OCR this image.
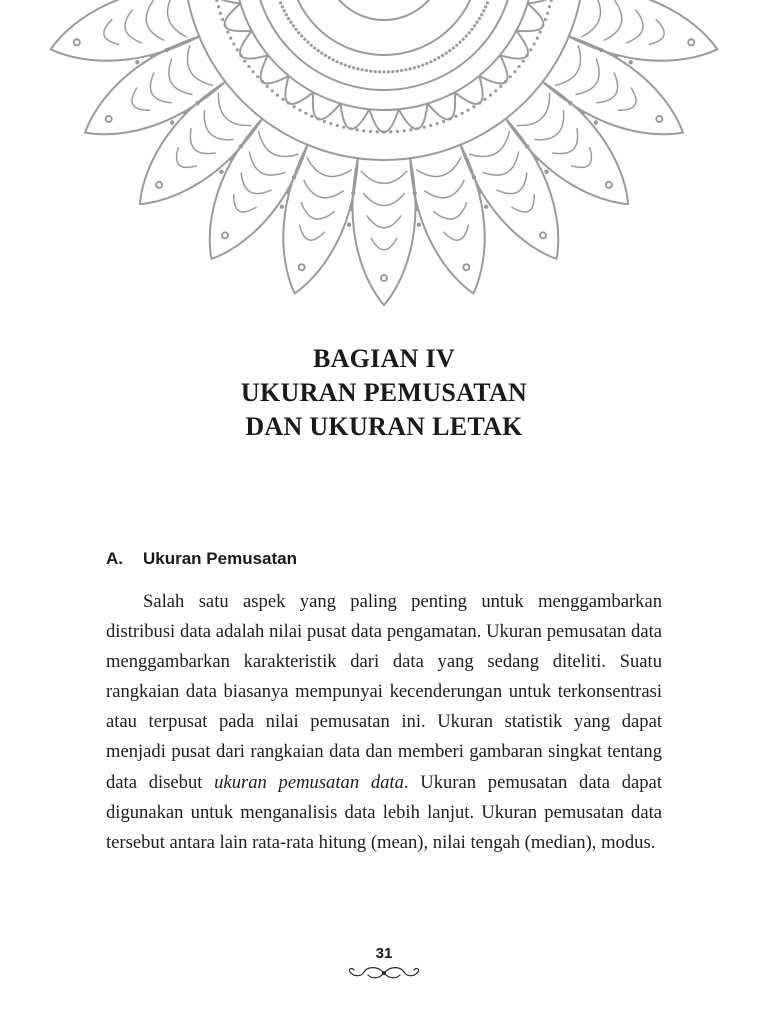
BAGIAN IV
UKURAN PEMUSATAN
DAN UKURAN LETAK
A. Ukuran Pemusatan

Salah satu aspek yang paling penting untuk menggambarkan distribusi data adalah nilai pusat data pengamatan. Ukuran pemusatan data menggambarkan karakteristik dari data yang sedang diteliti. Suatu rangkaian data biasanya mempunyai kecenderungan untuk terkonsentrasi atau terpusat pada nilai pemusatan ini. Ukuran statistik yang dapat menjadi pusat dari rangkaian data dan memberi gambaran singkat tentang data disebut ukuran pemusatan data. Ukuran pemusatan data dapat digunakan untuk menganalisis data lebih lanjut. Ukuran pemusatan data tersebut antara lain rata-rata hitung (mean), nilai tengah (median), modus.

31
